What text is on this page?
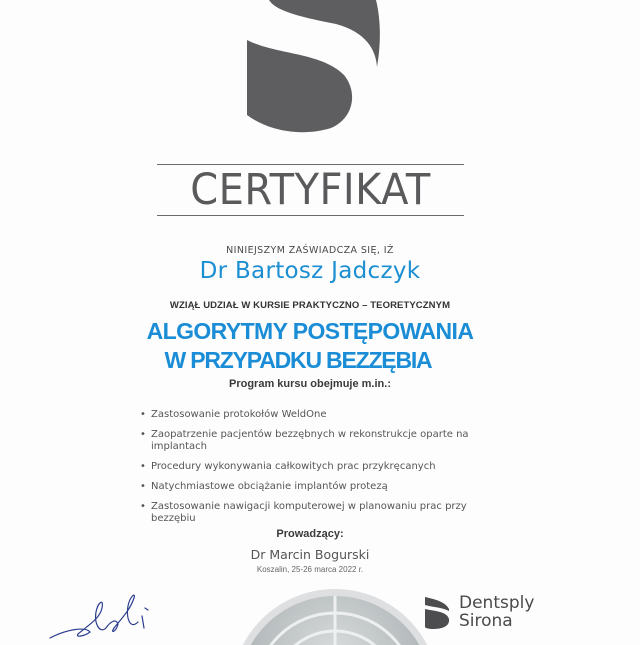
CERTYFIKAT
NINIEJSZYM ZAŚWIADCZA SIĘ, IŻ
Dr Bartosz Jadczyk
WZIĄŁ UDZIAŁ W KURSIE PRAKTYCZNO – TEORETYCZNYM
ALGORYTMY POSTĘPOWANIA
W PRZYPADKU BEZZĘBIA
Program kursu obejmuje m.in.:
• Zastosowanie protokołów WeldOne
• Zaopatrzenie pacjentów bezzębnych w rekonstrukcje oparte na implantach
• Procedury wykonywania całkowitych prac przykręcanych
• Natychmiastowe obciążanie implantów protezą
• Zastosowanie nawigacji komputerowej w planowaniu prac przy bezzębiu
Prowadzący:
Dr Marcin Bogurski
Koszalin, 25-26 marca 2022 r.
Dentsply
Sirona
